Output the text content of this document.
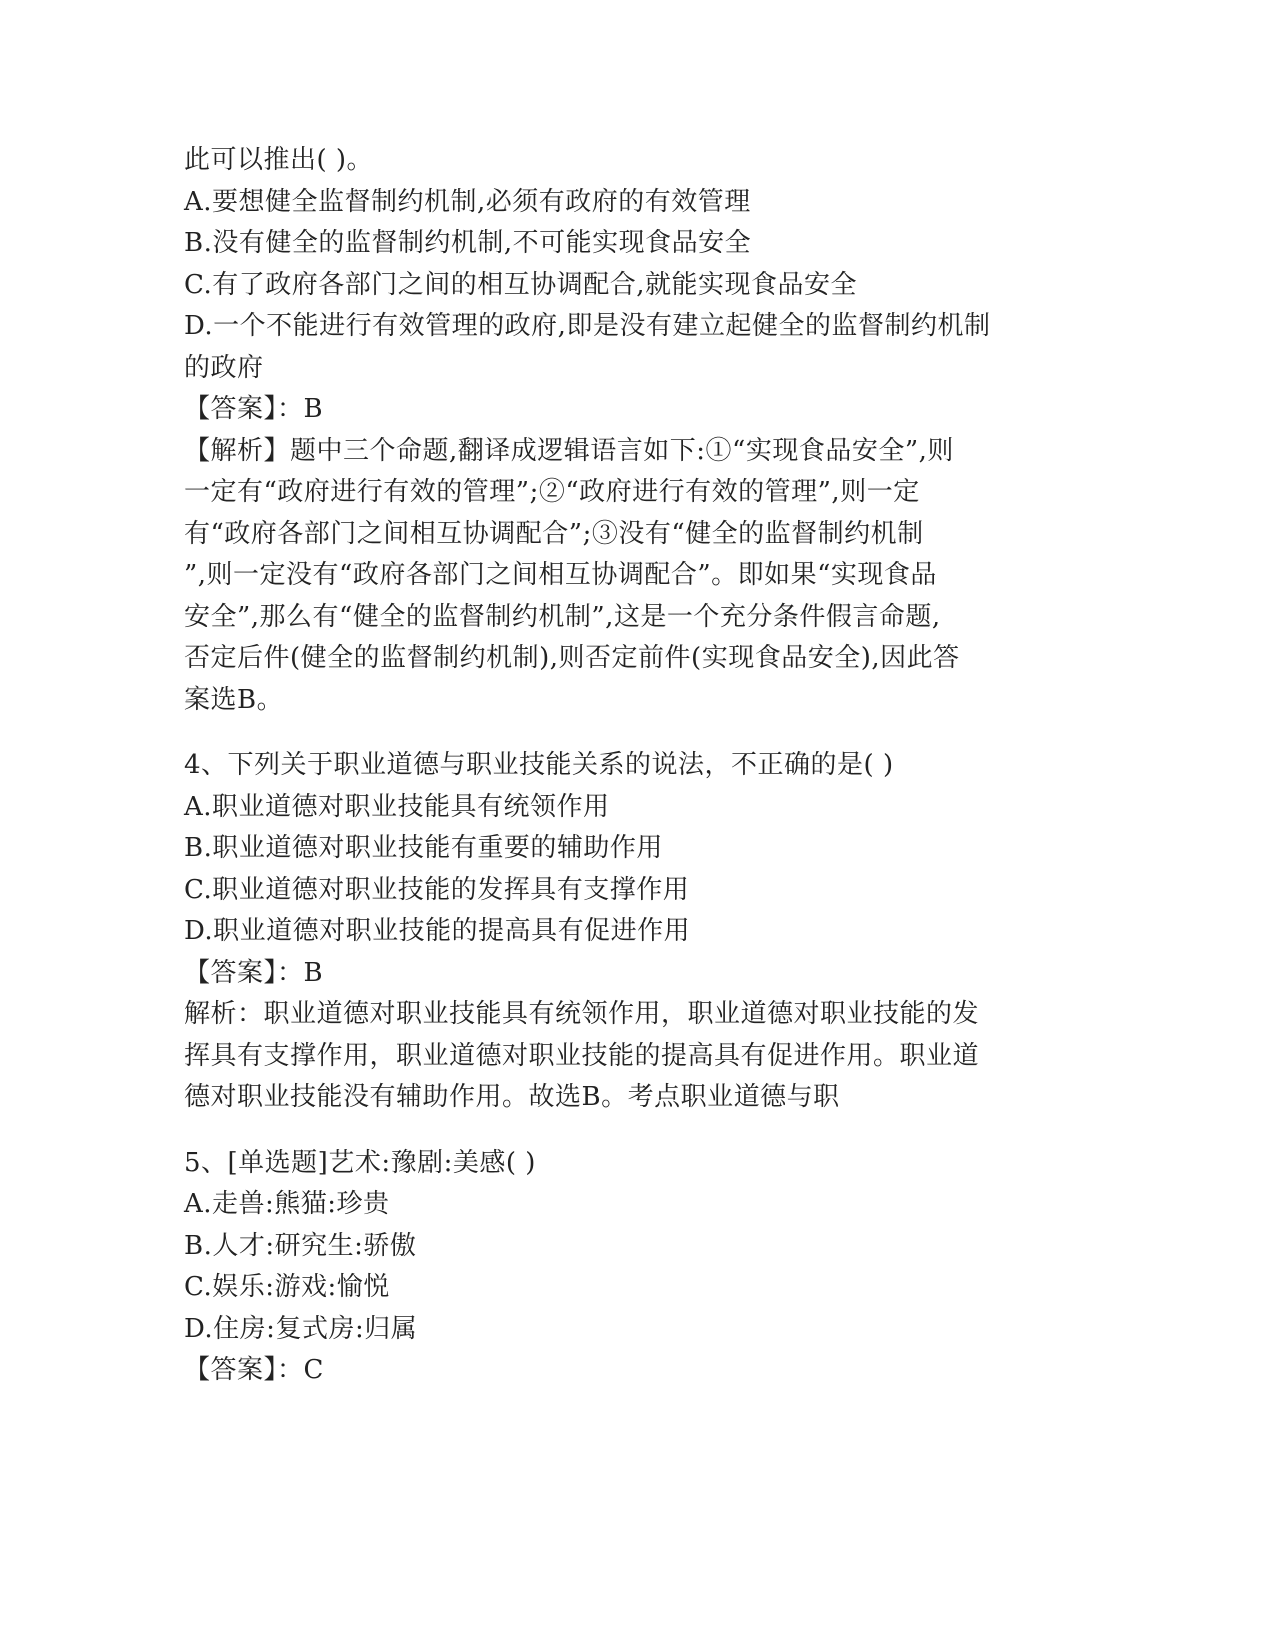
此可以推出( )。
A.要想健全监督制约机制,必须有政府的有效管理
B.没有健全的监督制约机制,不可能实现食品安全
C.有了政府各部门之间的相互协调配合,就能实现食品安全
D.一个不能进行有效管理的政府,即是没有建立起健全的监督制约机制
的政府
【答案】：B
【解析】题中三个命题,翻译成逻辑语言如下:①“实现食品安全”,则
一定有“政府进行有效的管理”;②“政府进行有效的管理”,则一定
有“政府各部门之间相互协调配合”;③没有“健全的监督制约机制
”,则一定没有“政府各部门之间相互协调配合”。即如果“实现食品
安全”,那么有“健全的监督制约机制”,这是一个充分条件假言命题,
否定后件(健全的监督制约机制),则否定前件(实现食品安全),因此答
案选B。
4、下列关于职业道德与职业技能关系的说法，不正确的是( )
A.职业道德对职业技能具有统领作用
B.职业道德对职业技能有重要的辅助作用
C.职业道德对职业技能的发挥具有支撑作用
D.职业道德对职业技能的提高具有促进作用
【答案】：B
解析：职业道德对职业技能具有统领作用，职业道德对职业技能的发
挥具有支撑作用，职业道德对职业技能的提高具有促进作用。职业道
德对职业技能没有辅助作用。故选B。考点职业道德与职
5、[单选题]艺术:豫剧:美感( )
A.走兽:熊猫:珍贵
B.人才:研究生:骄傲
C.娱乐:游戏:愉悦
D.住房:复式房:归属
【答案】：C
